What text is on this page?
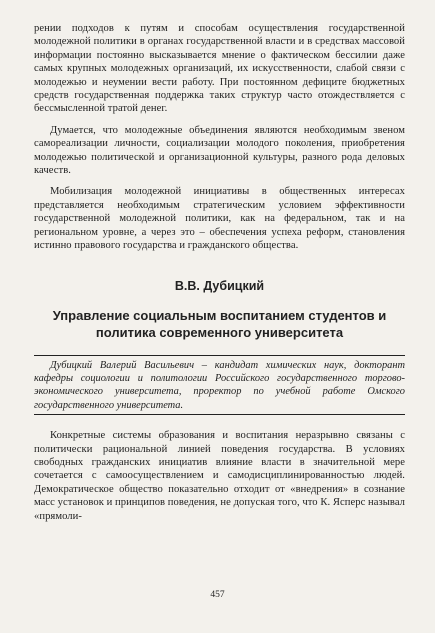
рении подходов к путям и способам осуществления государственной молодежной политики в органах государственной власти и в средствах массовой информации постоянно высказывается мнение о фактическом бессилии даже самых крупных молодежных организаций, их искусственности, слабой связи с молодежью и неумении вести работу. При постоянном дефиците бюджетных средств государственная поддержка таких структур часто отождествляется с бессмысленной тратой денег.

Думается, что молодежные объединения являются необходимым звеном самореализации личности, социализации молодого поколения, приобретения молодежью политической и организационной культуры, разного рода деловых качеств.

Мобилизация молодежной инициативы в общественных интересах представляется необходимым стратегическим условием эффективности государственной молодежной политики, как на федеральном, так и на региональном уровне, а через это – обеспечения успеха реформ, становления истинно правового государства и гражданского общества.

В.В. Дубицкий
Управление социальным воспитанием студентов и политика современного университета
Дубицкий Валерий Васильевич – кандидат химических наук, докторант кафедры социологии и политологии Российского государственного торгово-экономического университета, проректор по учебной работе Омского государственного университета.

Конкретные системы образования и воспитания неразрывно связаны с политически рациональной линией поведения государства. В условиях свободных гражданских инициатив влияние власти в значительной мере сочетается с самоосуществлением и самодисциплинированностью людей. Демократическое общество показательно отходит от «внедрения» в сознание масс установок и принципов поведения, не допуская того, что К. Ясперс называл «прямоли-

457
